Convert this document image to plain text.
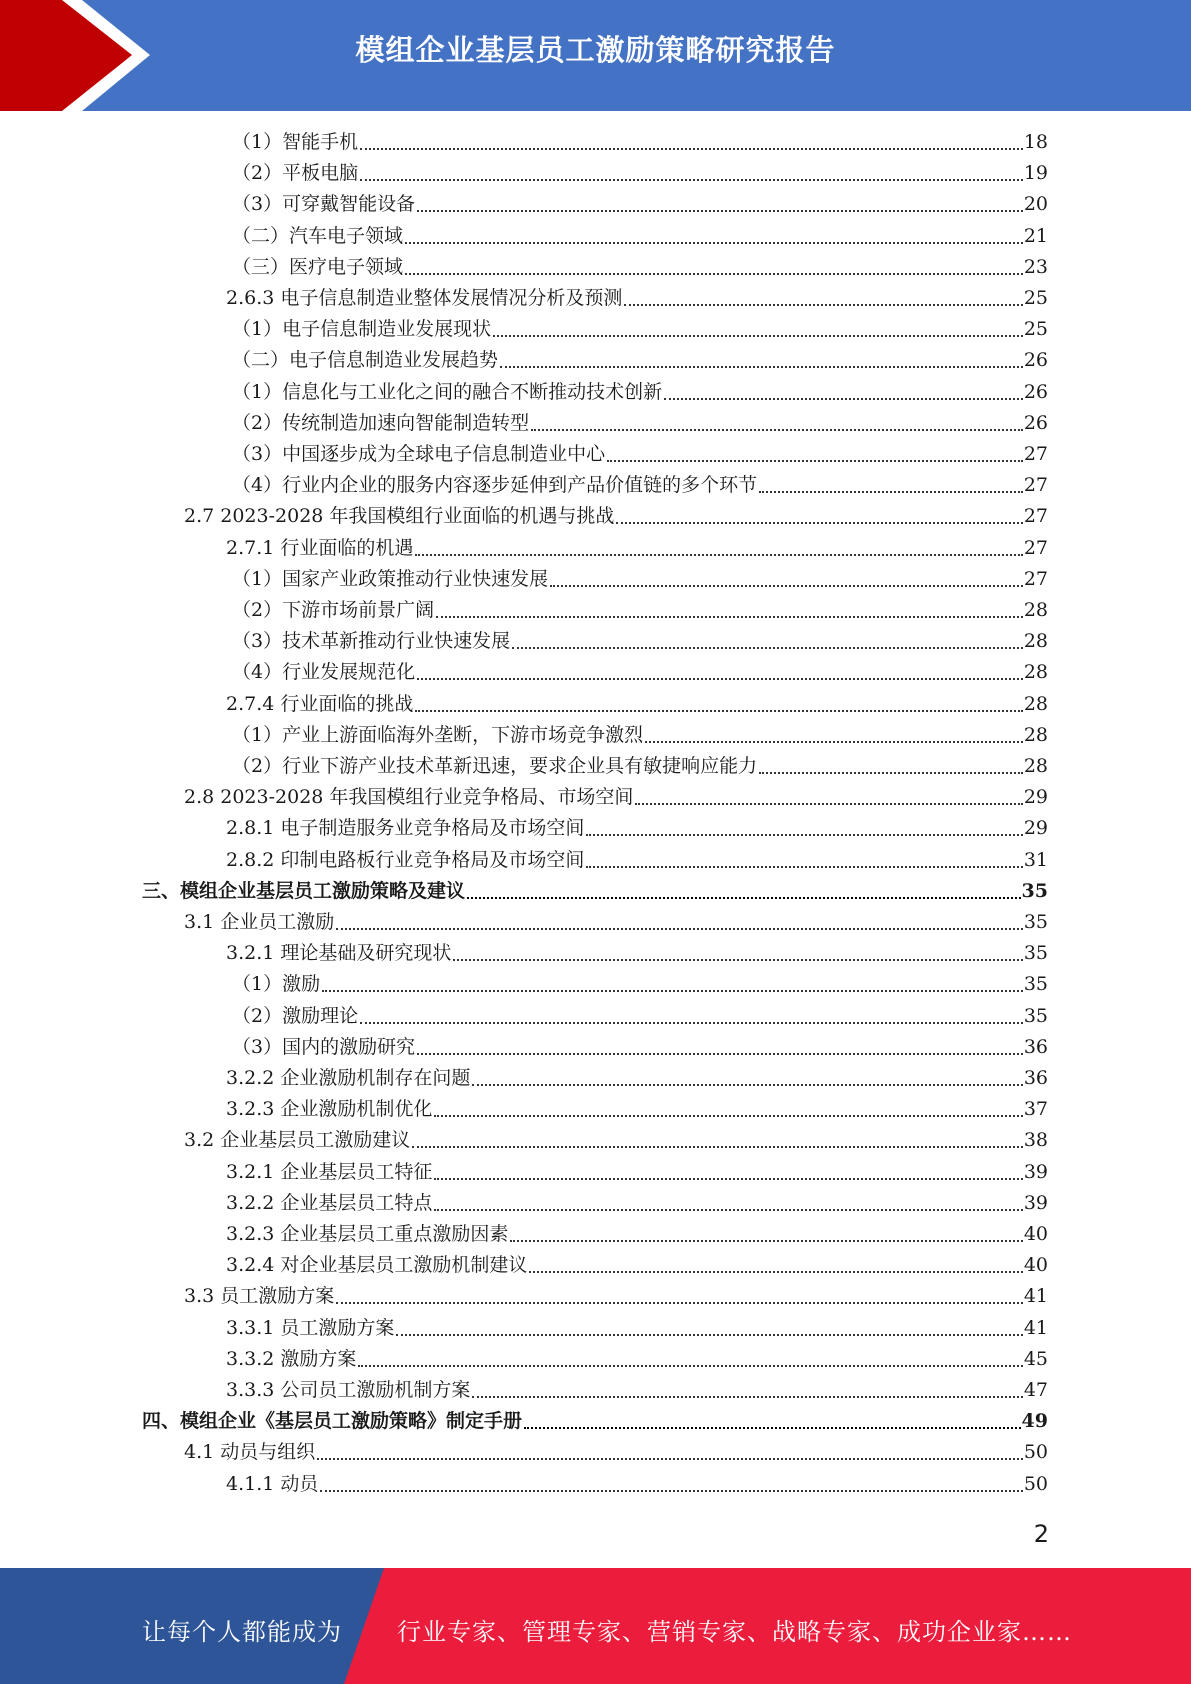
模组企业基层员工激励策略研究报告
（1）智能手机	18
（2）平板电脑	19
（3）可穿戴智能设备	20
（二）汽车电子领域	21
（三）医疗电子领域	23
2.6.3 电子信息制造业整体发展情况分析及预测	25
（1）电子信息制造业发展现状	25
（二）电子信息制造业发展趋势	26
（1）信息化与工业化之间的融合不断推动技术创新	26
（2）传统制造加速向智能制造转型	26
（3）中国逐步成为全球电子信息制造业中心	27
（4）行业内企业的服务内容逐步延伸到产品价值链的多个环节	27
2.7 2023-2028 年我国模组行业面临的机遇与挑战	27
2.7.1 行业面临的机遇	27
（1）国家产业政策推动行业快速发展	27
（2）下游市场前景广阔	28
（3）技术革新推动行业快速发展	28
（4）行业发展规范化	28
2.7.4 行业面临的挑战	28
（1）产业上游面临海外垄断，下游市场竞争激烈	28
（2）行业下游产业技术革新迅速，要求企业具有敏捷响应能力	28
2.8 2023-2028 年我国模组行业竞争格局、市场空间	29
2.8.1 电子制造服务业竞争格局及市场空间	29
2.8.2 印制电路板行业竞争格局及市场空间	31
三、模组企业基层员工激励策略及建议	35
3.1 企业员工激励	35
3.2.1 理论基础及研究现状	35
（1）激励	35
（2）激励理论	35
（3）国内的激励研究	36
3.2.2 企业激励机制存在问题	36
3.2.3 企业激励机制优化	37
3.2 企业基层员工激励建议	38
3.2.1 企业基层员工特征	39
3.2.2 企业基层员工特点	39
3.2.3 企业基层员工重点激励因素	40
3.2.4 对企业基层员工激励机制建议	40
3.3 员工激励方案	41
3.3.1 员工激励方案	41
3.3.2 激励方案	45
3.3.3 公司员工激励机制方案	47
四、模组企业《基层员工激励策略》制定手册	49
4.1 动员与组织	50
4.1.1 动员	50
2
让每个人都能成为 行业专家、管理专家、营销专家、战略专家、成功企业家……
